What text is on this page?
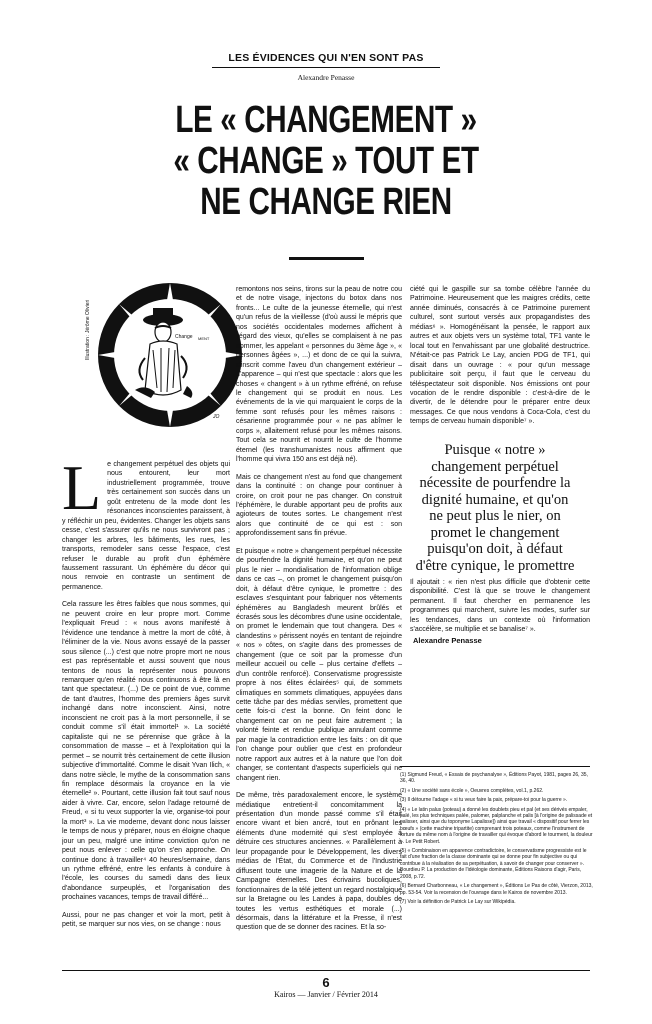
LES ÉVIDENCES QUI N'EN SONT PAS
Alexandre Penasse
LE « CHANGEMENT »
« CHANGE » TOUT ET
NE CHANGE RIEN
Change MENT
JO
Illustration : Jérôme Olivieri

Le changement perpétuel des objets qui nous entourent, leur mort industriellement programmée, trouve très certainement son succès dans un goût entretenu de la mode dont les résonances inconscientes paraissent, à y réfléchir un peu, évidentes. Changer les objets sans cesse, c'est s'assurer qu'ils ne nous survivront pas ; changer les arbres, les bâtiments, les rues, les transports, remodeler sans cesse l'espace, c'est refuser le durable au profit d'un éphémère faussement rassurant. Un éphémère du décor qui nous renvoie en contraste un sentiment de permanence.

Cela rassure les êtres faibles que nous sommes, qui ne peuvent croire en leur propre mort. Comme l'expliquait Freud : « nous avons manifesté à l'évidence une tendance à mettre la mort de côté, à l'éliminer de la vie. Nous avons essayé de la passer sous silence (...) c'est que notre propre mort ne nous est pas représentable et aussi souvent que nous tentons de nous la représenter nous pouvons remarquer qu'en réalité nous continuons à être là en tant que spectateur. (...) De ce point de vue, comme de tant d'autres, l'homme des premiers âges survit inchangé dans notre inconscient. Ainsi, notre inconscient ne croit pas à la mort personnelle, il se conduit comme s'il était immortel¹ ». La société capitaliste qui ne se pérennise que grâce à la consommation de masse – et à l'exploitation qui la permet – se nourrit très certainement de cette illusion subjective d'immortalité. Comme le disait Yvan Ilich, « dans notre siècle, le mythe de la consommation sans fin remplace désormais la croyance en la vie éternelle² ». Pourtant, cette illusion fait tout sauf nous aider à vivre. Car, encore, selon l'adage retourné de Freud, « si tu veux supporter la vie, organise-toi pour la mort³ ». La vie moderne, devant donc nous laisser le temps de nous y préparer, nous en éloigne chaque jour un peu, malgré une intime conviction qu'on ne peut nous enlever : celle qu'on s'en approche. On continue donc à travailler⁴ 40 heures/semaine, dans un rythme effréné, entre les enfants à conduire à l'école, les courses du samedi dans des lieux d'abondance surpeuplés, et l'organisation des prochaines vacances, temps de travail différé...

Aussi, pour ne pas changer et voir la mort, petit à petit, se marquer sur nos vies, on se change : nous

remontons nos seins, tirons sur la peau de notre cou et de notre visage, injectons du botox dans nos fronts... Le culte de la jeunesse éternelle, qui n'est qu'un refus de la vieillesse (d'où aussi le mépris que nos sociétés occidentales modernes affichent à l'égard des vieux, qu'elles se complaisent à ne pas nommer, les appelant « personnes du 3ème âge », « personnes âgées », ...) et donc de ce qui la suivra, s'inscrit comme l'aveu d'un changement extérieur – d'apparence – qui n'est que spectacle : alors que les choses « changent » à un rythme effréné, on refuse le changement qui se produit en nous. Les événements de la vie qui marquaient le corps de la femme sont refusés pour les mêmes raisons : césarienne programmée pour « ne pas abîmer le corps », allaitement refusé pour les mêmes raisons. Tout cela se nourrit et nourrit le culte de l'homme éternel (les transhumanistes nous affirment que l'homme qui vivra 150 ans est déjà né).

Mais ce changement n'est au fond que changement dans la continuité : on change pour continuer à croire, on croit pour ne pas changer. On construit l'éphémère, le durable apportant peu de profits aux agioteurs de toutes sortes. Le changement n'est alors que continuité de ce qui est : son approfondissement sans fin prévue.

Et puisque « notre » changement perpétuel nécessite de pourfendre la dignité humaine, et qu'on ne peut plus le nier – mondialisation de l'information oblige dans ce cas –, on promet le changement puisqu'on doit, à défaut d'être cynique, le promettre : des esclaves s'esquintant pour fabriquer nos vêtements éphémères au Bangladesh meurent brûlés et écrasés sous les décombres d'une usine occidentale, on promet le lendemain que tout changera. Des « clandestins » périssent noyés en tentant de rejoindre « nos » côtes, on s'agite dans des promesses de changement (que ce soit par la promesse d'un meilleur accueil ou celle – plus certaine d'effets – d'un contrôle renforcé). Conservatisme progressiste propre à nos élites éclairées⁵ qui, de sommets climatiques en sommets climatiques, appuyées dans cette tâche par des médias serviles, promettent que cette fois-ci c'est la bonne. On feint donc le changement car on ne peut faire autrement ; la volonté feinte et rendue publique annulant comme par magie la contradiction entre les faits : on dit que l'on change pour oublier que c'est en profondeur notre rapport aux autres et à la nature que l'on doit changer, se contentant d'aspects superficiels qui ne changent rien.

De même, très paradoxalement encore, le système médiatique entretient-il concomitamment la présentation d'un monde passé comme s'il était encore vivant et bien ancré, tout en prônant les éléments d'une modernité qui s'est employée à détruire ces structures anciennes. « Parallèlement à leur propagande pour le Développement, les divers médias de l'État, du Commerce et de l'Industrie diffusent toute une imagerie de la Nature et de la Campagne éternelles. Des écrivains bucoliques, fonctionnaires de la télé jettent un regard nostalgique sur la Bretagne ou les Landes à papa, doubles de toutes les vertus esthétiques et morale (...) désormais, dans la littérature et la Presse, il n'est question que de se donner des racines. Et la so-

ciété qui le gaspille sur sa tombe célèbre l'année du Patrimoine. Heureusement que les maigres crédits, cette année diminués, consacrés à ce Patrimoine purement culturel, sont surtout versés aux propagandistes des médias⁶ ». Homogénéisant la pensée, le rapport aux autres et aux objets vers un système total, TF1 vante le local tout en l'envahissant par une globalité destructrice. N'était-ce pas Patrick Le Lay, ancien PDG de TF1, qui disait dans un ouvrage : « pour qu'un message publicitaire soit perçu, il faut que le cerveau du téléspectateur soit disponible. Nos émissions ont pour vocation de le rendre disponible : c'est-à-dire de le divertir, de le détendre pour le préparer entre deux messages. Ce que nous vendons à Coca-Cola, c'est du temps de cerveau humain disponible⁷ ».

Puisque « notre » changement perpétuel nécessite de pourfendre la dignité humaine, et qu'on ne peut plus le nier, on promet le changement puisqu'on doit, à défaut d'être cynique, le promettre

Il ajoutait : « rien n'est plus difficile que d'obtenir cette disponibilité. C'est là que se trouve le changement permanent. Il faut chercher en permanence les programmes qui marchent, suivre les modes, surfer sur les tendances, dans un contexte où l'information s'accélère, se multiplie et se banalise⁷ ».

Alexandre Penasse

(1) Sigmund Freud, « Essais de psychanalyse », Éditions Payot, 1981, pages 26, 35, 36, 40.

(2) « Une société sans école », Oeuvres complètes, vol.1, p.262.

(3) Il détourne l'adage « si tu veux faire la paix, prépare-toi pour la guerre ».

(4) « Le latin palus (poteau) a donné les doublets pieu et pal (et ses dérivés empaler, palé, les plus techniques palée, palomer, palplanche et palis [à l'origine de palissade et palisser, ainsi que du toponyme Lapalisse]) ainsi que travail « dispositif pour ferrer les bœufs » (cette machine tripartite) comprenant trois poteaux, comme l'instrument de torture du même nom à l'origine de travailler qui évoque d'abord le tourment, la douleur ». Le Petit Robert.

(5) « Combinaison en apparence contradictoire, le conservatisme progressiste est le fait d'une fraction de la classe dominante qui se donne pour fin subjective ou qui contribue à la réalisation de sa perpétuation, à savoir de changer pour conserver ». Bourdieu P. La production de l'idéologie dominante, Éditions Raisons d'agir, Paris, 2008, p.72.

(6) Bernard Charbonneau, « Le changement », Éditions Le Pas de côté, Vierzon, 2013, pp. 53-54. Voir la recension de l'ouvrage dans le Kairos de novembre 2013.

(7) Voir la définition de Patrick Le Lay sur Wikipédia.

6
Kairos — Janvier / Février 2014
